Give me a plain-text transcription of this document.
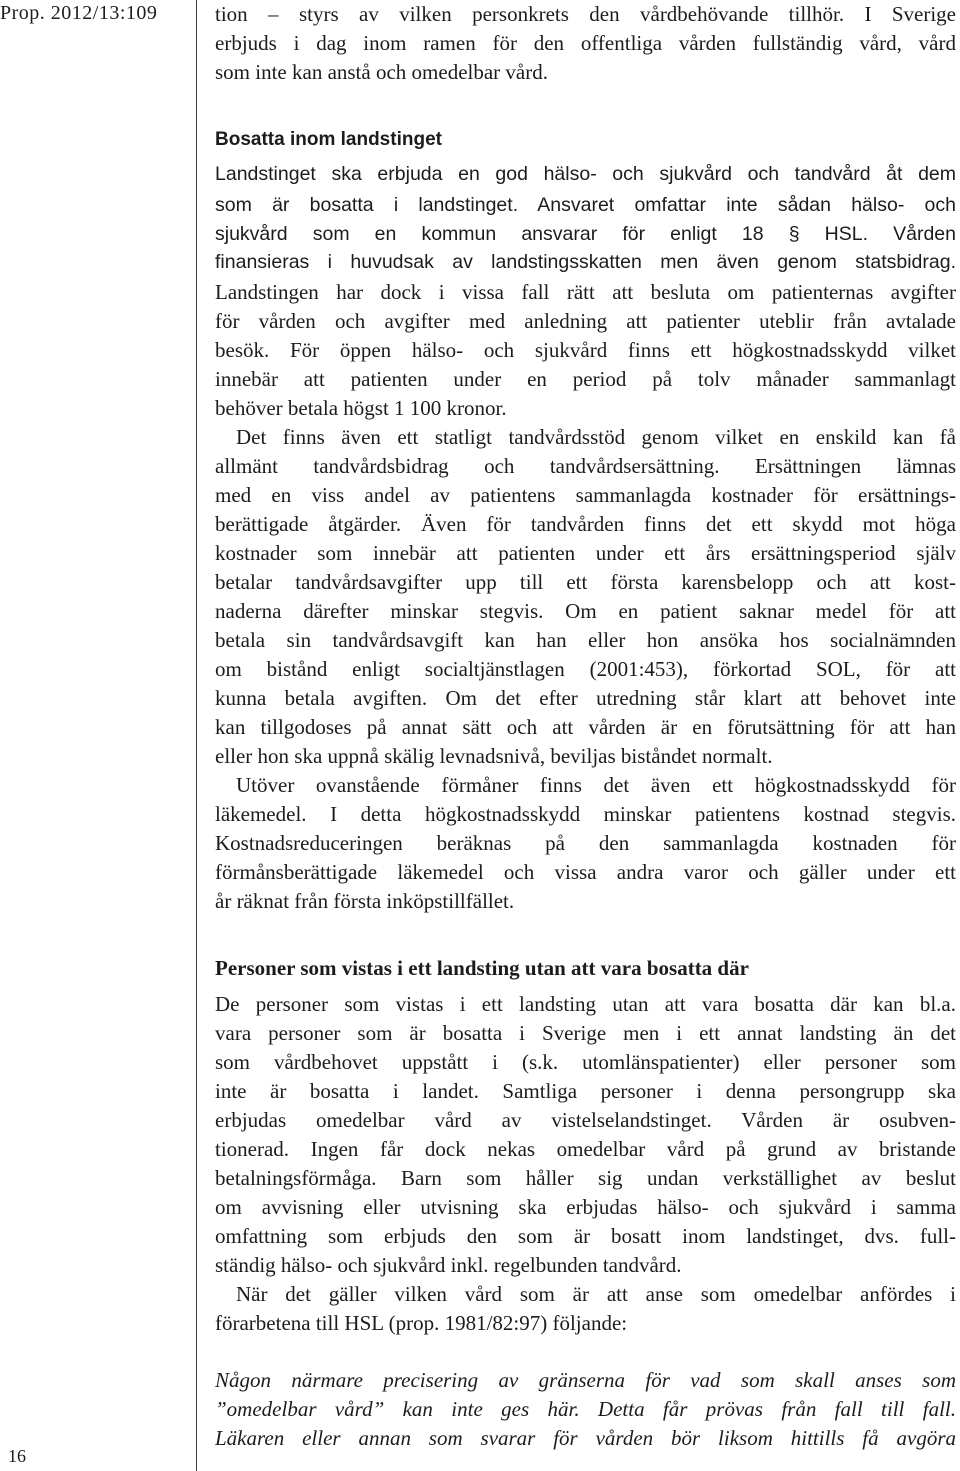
Prop. 2012/13:109
16
tion – styrs av vilken personkrets den vårdbehövande tillhör. I Sverige
erbjuds i dag inom ramen för den offentliga vården fullständig vård, vård
som inte kan anstå och omedelbar vård.
Bosatta inom landstinget
Landstinget ska erbjuda en god hälso- och sjukvård och tandvård åt dem
som är bosatta i landstinget. Ansvaret omfattar inte sådan hälso- och
sjukvård som en kommun ansvarar för enligt 18 § HSL. Vården
finansieras i huvudsak av landstingsskatten men även genom statsbidrag.
Landstingen har dock i vissa fall rätt att besluta om patienternas avgifter
för vården och avgifter med anledning att patienter uteblir från avtalade
besök. För öppen hälso- och sjukvård finns ett högkostnadsskydd vilket
innebär att patienten under en period på tolv månader sammanlagt
behöver betala högst 1 100 kronor.
Det finns även ett statligt tandvårdsstöd genom vilket en enskild kan få
allmänt tandvårdsbidrag och tandvårdsersättning. Ersättningen lämnas
med en viss andel av patientens sammanlagda kostnader för ersättnings-
berättigade åtgärder. Även för tandvården finns det ett skydd mot höga
kostnader som innebär att patienten under ett års ersättningsperiod själv
betalar tandvårdsavgifter upp till ett första karensbelopp och att kost-
naderna därefter minskar stegvis. Om en patient saknar medel för att
betala sin tandvårdsavgift kan han eller hon ansöka hos socialnämnden
om bistånd enligt socialtjänstlagen (2001:453), förkortad SOL, för att
kunna betala avgiften. Om det efter utredning står klart att behovet inte
kan tillgodoses på annat sätt och att vården är en förutsättning för att han
eller hon ska uppnå skälig levnadsnivå, beviljas biståndet normalt.
Utöver ovanstående förmåner finns det även ett högkostnadsskydd för
läkemedel. I detta högkostnadsskydd minskar patientens kostnad stegvis.
Kostnadsreduceringen beräknas på den sammanlagda kostnaden för
förmånsberättigade läkemedel och vissa andra varor och gäller under ett
år räknat från första inköpstillfället.
Personer som vistas i ett landsting utan att vara bosatta där
De personer som vistas i ett landsting utan att vara bosatta där kan bl.a.
vara personer som är bosatta i Sverige men i ett annat landsting än det
som vårdbehovet uppstått i (s.k. utomlänspatienter) eller personer som
inte är bosatta i landet. Samtliga personer i denna persongrupp ska
erbjudas omedelbar vård av vistelselandstinget. Vården är osubven-
tionerad. Ingen får dock nekas omedelbar vård på grund av bristande
betalningsförmåga. Barn som håller sig undan verkställighet av beslut
om avvisning eller utvisning ska erbjudas hälso- och sjukvård i samma
omfattning som erbjuds den som är bosatt inom landstinget, dvs. full-
ständig hälso- och sjukvård inkl. regelbunden tandvård.
När det gäller vilken vård som är att anse som omedelbar anfördes i
förarbetena till HSL (prop. 1981/82:97) följande:
Någon närmare precisering av gränserna för vad som skall anses som
”omedelbar vård” kan inte ges här. Detta får prövas från fall till fall.
Läkaren eller annan som svarar för vården bör liksom hittills få avgöra
